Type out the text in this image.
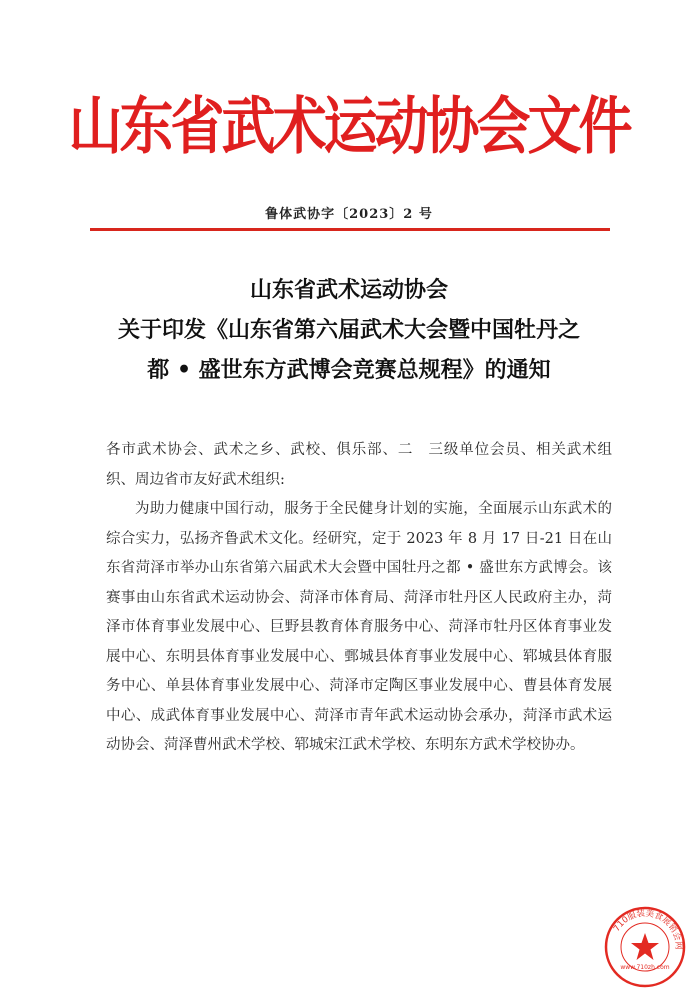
山东省武术运动协会文件
鲁体武协字〔2023〕2 号
山东省武术运动协会
关于印发《山东省第六届武术大会暨中国牡丹之
都 • 盛世东方武博会竞赛总规程》的通知

各市武术协会、武术之乡、武校、俱乐部、二　三级单位会员、相关武术组织、周边省市友好武术组织:

为助力健康中国行动，服务于全民健身计划的实施，全面展示山东武术的综合实力，弘扬齐鲁武术文化。经研究，定于 2023 年 8 月 17 日-21 日在山东省菏泽市举办山东省第六届武术大会暨中国牡丹之都 • 盛世东方武博会。该赛事由山东省武术运动协会、菏泽市体育局、菏泽市牡丹区人民政府主办，菏泽市体育事业发展中心、巨野县教育体育服务中心、菏泽市牡丹区体育事业发展中心、东明县体育事业发展中心、鄄城县体育事业发展中心、郓城县体育服务中心、单县体育事业发展中心、菏泽市定陶区事业发展中心、曹县体育发展中心、成武体育事业发展中心、菏泽市青年武术运动协会承办，菏泽市武术运动协会、菏泽曹州武术学校、郓城宋江武术学校、东明东方武术学校协办。

710服装美食展销会网
www.710zh.com
